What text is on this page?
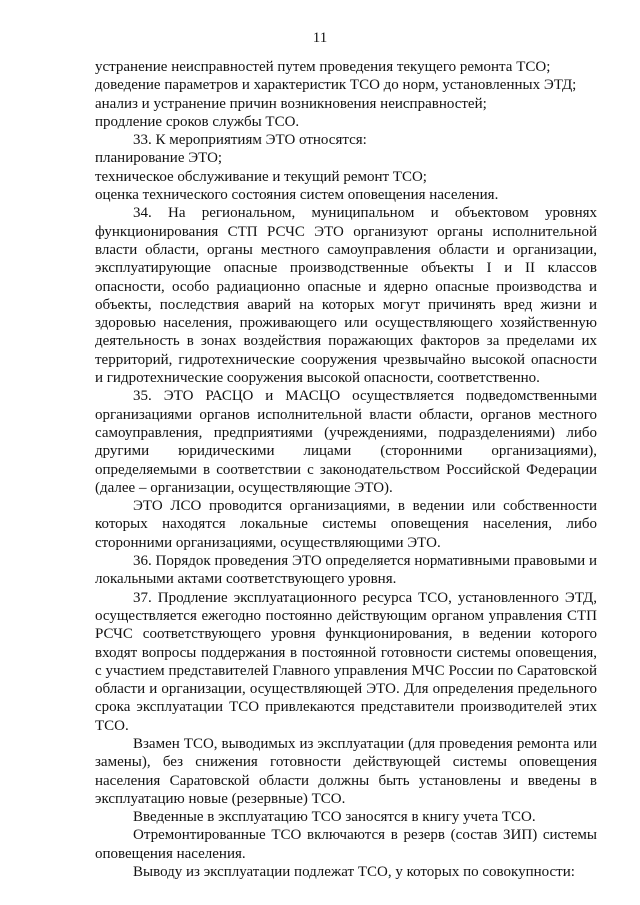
11

устранение неисправностей путем проведения текущего ремонта ТСО;

доведение параметров и характеристик ТСО до норм, установленных ЭТД;

анализ и устранение причин возникновения неисправностей;

продление сроков службы ТСО.

33. К мероприятиям ЭТО относятся:

планирование ЭТО;

техническое обслуживание и текущий ремонт ТСО;

оценка технического состояния систем оповещения населения.

34. На региональном, муниципальном и объектовом уровнях функционирования СТП РСЧС ЭТО организуют органы исполнительной власти области, органы местного самоуправления области и организации, эксплуатирующие опасные производственные объекты I и II классов опасности, особо радиационно опасные и ядерно опасные производства и объекты, последствия аварий на которых могут причинять вред жизни и здоровью населения, проживающего или осуществляющего хозяйственную деятельность в зонах воздействия поражающих факторов за пределами их территорий, гидротехнические сооружения чрезвычайно высокой опасности и гидротехнические сооружения высокой опасности, соответственно.

35. ЭТО РАСЦО и МАСЦО осуществляется подведомственными организациями органов исполнительной власти области, органов местного самоуправления, предприятиями (учреждениями, подразделениями) либо другими юридическими лицами (сторонними организациями), определяемыми в соответствии с законодательством Российской Федерации (далее – организации, осуществляющие ЭТО).

ЭТО ЛСО проводится организациями, в ведении или собственности которых находятся локальные системы оповещения населения, либо сторонними организациями, осуществляющими ЭТО.

36. Порядок проведения ЭТО определяется нормативными правовыми и локальными актами соответствующего уровня.

37. Продление эксплуатационного ресурса ТСО, установленного ЭТД, осуществляется ежегодно постоянно действующим органом управления СТП РСЧС соответствующего уровня функционирования, в ведении которого входят вопросы поддержания в постоянной готовности системы оповещения, с участием представителей Главного управления МЧС России по Саратовской области и организации, осуществляющей ЭТО. Для определения предельного срока эксплуатации ТСО привлекаются представители производителей этих ТСО.

Взамен ТСО, выводимых из эксплуатации (для проведения ремонта или замены), без снижения готовности действующей системы оповещения населения Саратовской области должны быть установлены и введены в эксплуатацию новые (резервные) ТСО.

Введенные в эксплуатацию ТСО заносятся в книгу учета ТСО.

Отремонтированные ТСО включаются в резерв (состав ЗИП) системы оповещения населения.

Выводу из эксплуатации подлежат ТСО, у которых по совокупности:
